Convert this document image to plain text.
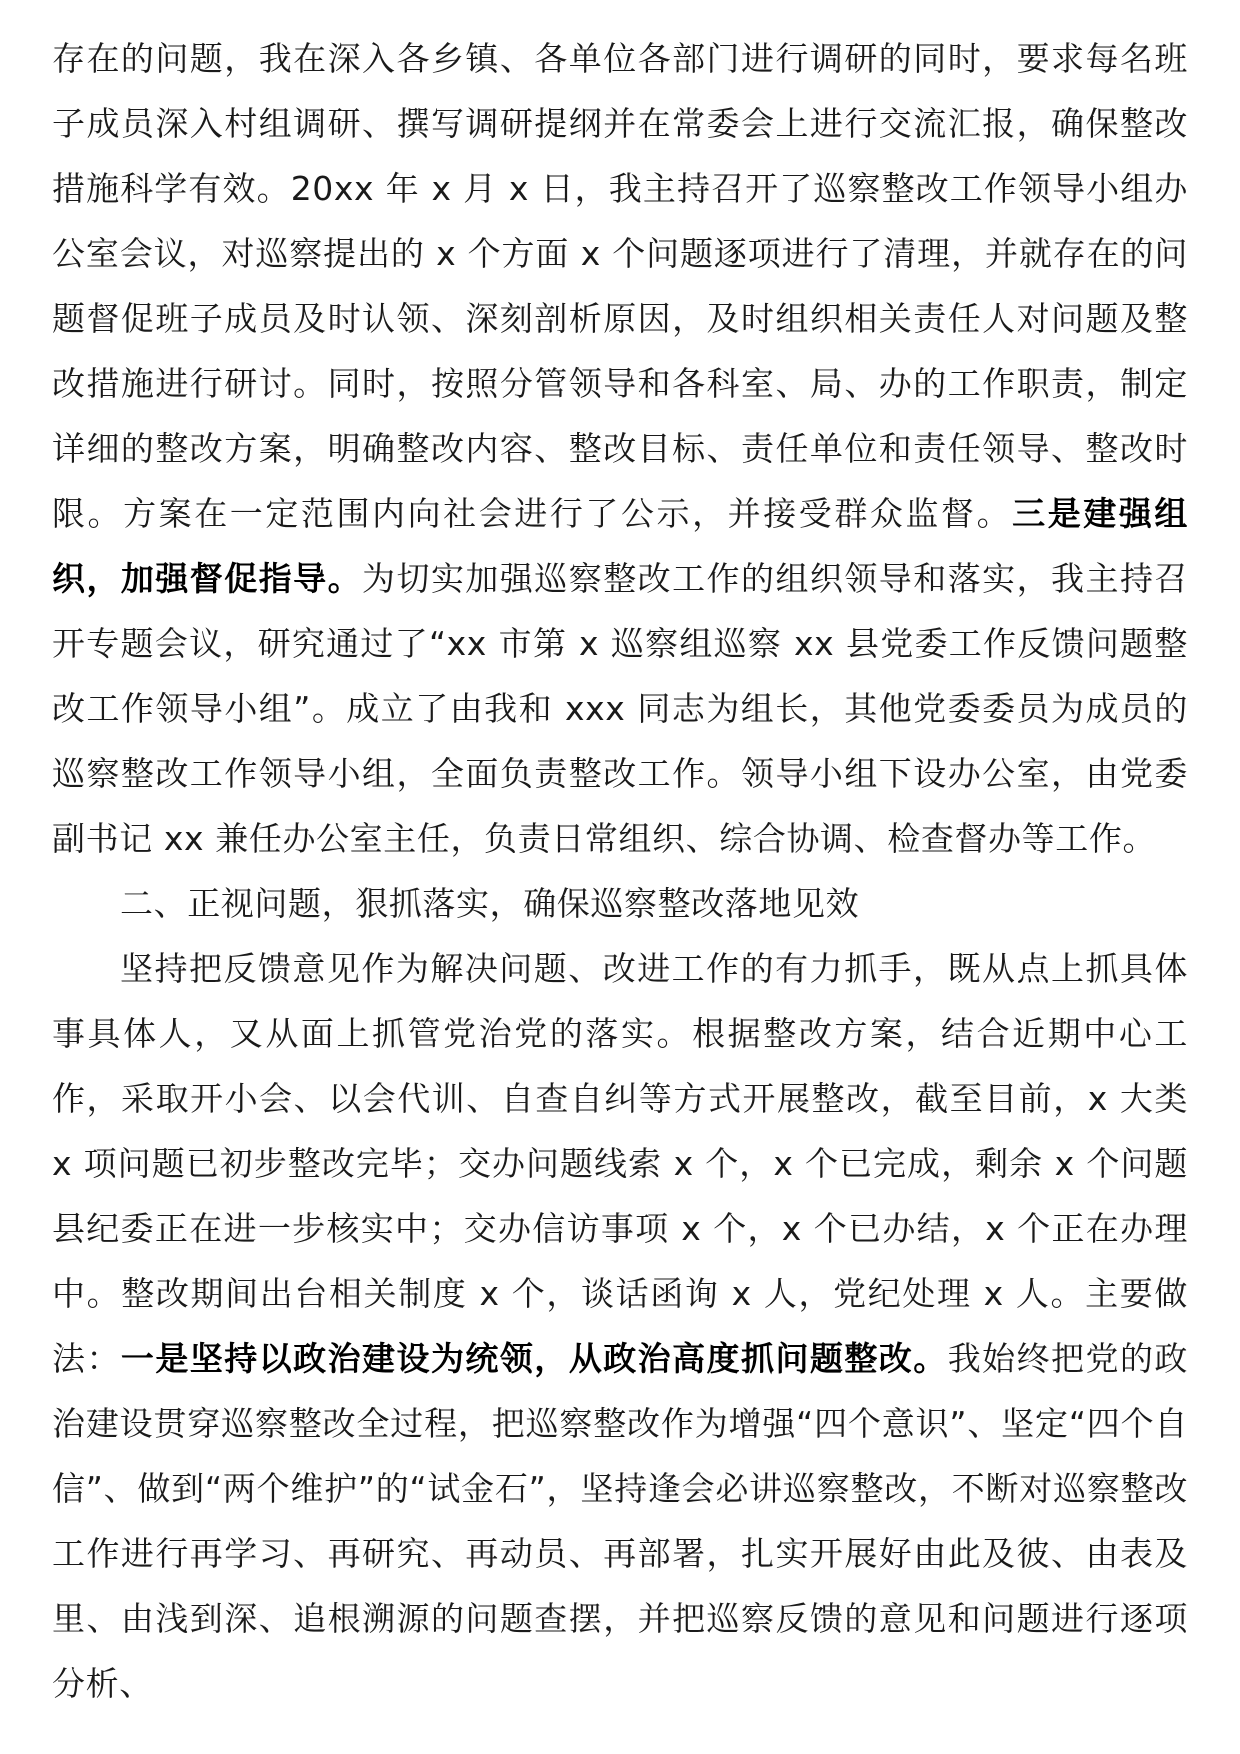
存在的问题，我在深入各乡镇、各单位各部门进行调研的同时，要求每名班子成员深入村组调研、撰写调研提纲并在常委会上进行交流汇报，确保整改措施科学有效。20xx 年 x 月 x 日，我主持召开了巡察整改工作领导小组办公室会议，对巡察提出的 x 个方面 x 个问题逐项进行了清理，并就存在的问题督促班子成员及时认领、深刻剖析原因，及时组织相关责任人对问题及整改措施进行研讨。同时，按照分管领导和各科室、局、办的工作职责，制定详细的整改方案，明确整改内容、整改目标、责任单位和责任领导、整改时限。方案在一定范围内向社会进行了公示，并接受群众监督。三是建强组织，加强督促指导。为切实加强巡察整改工作的组织领导和落实，我主持召开专题会议，研究通过了“xx 市第 x 巡察组巡察 xx 县党委工作反馈问题整改工作领导小组”。成立了由我和 xxx 同志为组长，其他党委委员为成员的巡察整改工作领导小组，全面负责整改工作。领导小组下设办公室，由党委副书记 xx 兼任办公室主任，负责日常组织、综合协调、检查督办等工作。

二、正视问题，狠抓落实，确保巡察整改落地见效

坚持把反馈意见作为解决问题、改进工作的有力抓手，既从点上抓具体事具体人，又从面上抓管党治党的落实。根据整改方案，结合近期中心工作，采取开小会、以会代训、自查自纠等方式开展整改，截至目前，x 大类 x 项问题已初步整改完毕；交办问题线索 x 个，x 个已完成，剩余 x 个问题县纪委正在进一步核实中；交办信访事项 x 个，x 个已办结，x 个正在办理中。整改期间出台相关制度 x 个，谈话函询 x 人，党纪处理 x 人。主要做法：一是坚持以政治建设为统领，从政治高度抓问题整改。我始终把党的政治建设贯穿巡察整改全过程，把巡察整改作为增强“四个意识”、坚定“四个自信”、做到“两个维护”的“试金石”，坚持逢会必讲巡察整改，不断对巡察整改工作进行再学习、再研究、再动员、再部署，扎实开展好由此及彼、由表及里、由浅到深、追根溯源的问题查摆，并把巡察反馈的意见和问题进行逐项分析、
